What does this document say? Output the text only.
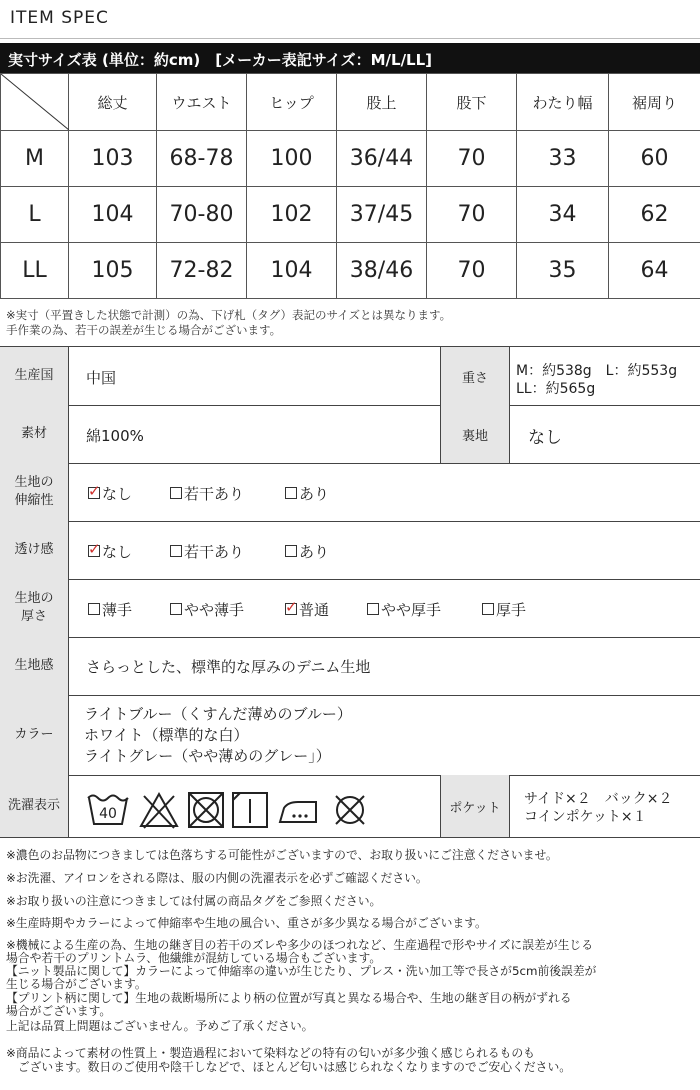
ITEM SPEC
実寸サイズ表 (単位：約cm)　[メーカー表記サイズ：M/L/LL]
	総丈	ウエスト	ヒップ	股上	股下	わたり幅	裾周り
M	103	68-78	100	36/44	70	33	60
L	104	70-80	102	37/45	70	34	62
LL	105	72-82	104	38/46	70	35	64
※実寸（平置きした状態で計測）の為、下げ札（タグ）表記のサイズとは異なります。
手作業の為、若干の誤差が生じる場合がございます。
生産国	中国	重さ	M：約538g　L：約553g
LL：約565g
素材	綿100%	裏地	なし
生地の
伸縮性
✓ なし	若干あり	あり
透け感	✓ なし	若干あり	あり
生地の
厚さ	薄手	やや薄手	✓ 普通	やや厚手	厚手
生地感	さらっとした、標準的な厚みのデニム生地
カラー
ライトブルー（くすんだ薄めのブルー）
ホワイト（標準的な白）
ライトグレー（やや薄めのグレー」）
洗濯表示	ポケット
サイド×２　バック×２
コインポケット×１
40
※濃色のお品物につきましては色落ちする可能性がございますので、お取り扱いにご注意くださいませ。
※お洗濯、アイロンをされる際は、服の内側の洗濯表示を必ずご確認ください。
※お取り扱いの注意につきましては付属の商品タグをご参照ください。
※生産時期やカラーによって伸縮率や生地の風合い、重さが多少異なる場合がございます。
※機械による生産の為、生地の継ぎ目の若干のズレや多少のほつれなど、生産過程で形やサイズに誤差が生じる
場合や若干のプリントムラ、他繊維が混紡している場合もございます。
【ニット製品に関して】カラーによって伸縮率の違いが生じたり、プレス・洗い加工等で長さが5cm前後誤差が
生じる場合がございます。
【プリント柄に関して】生地の裁断場所により柄の位置が写真と異なる場合や、生地の継ぎ目の柄がずれる
場合がございます。
上記は品質上問題はございません。予めご了承ください。
※商品によって素材の性質上・製造過程において染料などの特有の匂いが多少強く感じられるものも
　ございます。数日のご使用や陰干しなどで、ほとんど匂いは感じられなくなりますのでご安心ください。
